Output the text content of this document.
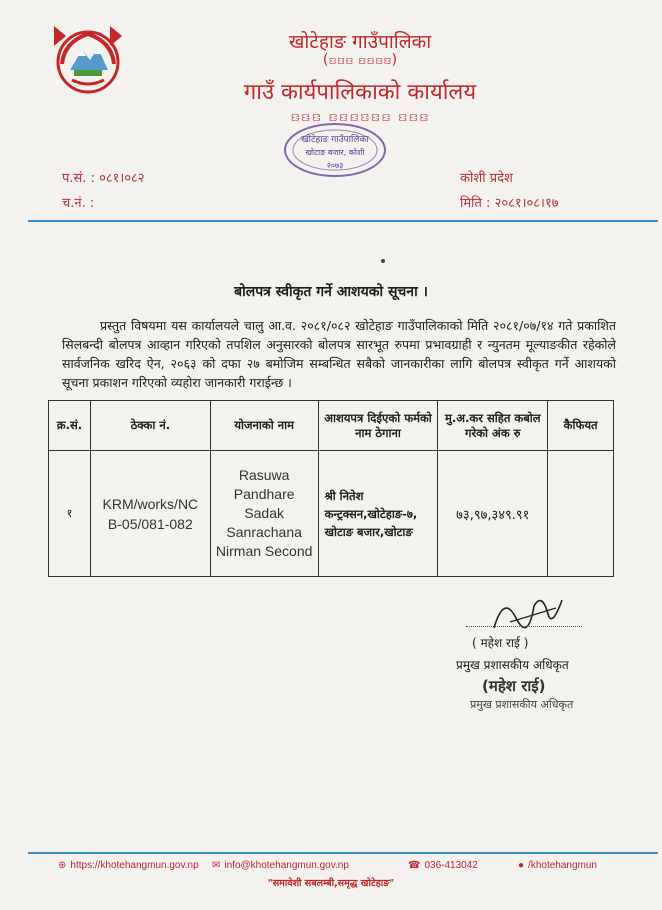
खोटेहाङ गाउँपालिका
(ꤢꤢꤢ ꤢꤢꤢꤢ)
गाउँ कार्यपालिकाको कार्यालय
ꤢꤢꤢ ꤢꤢꤢꤢꤢꤢ ꤢꤢꤢ
खोटेहाङ गाउँपालिका
खोटाङ बजार, कोशी
२०७३
प.सं. : ०८१।०८२
च.नं. :
कोशी प्रदेश
मिति : २०८१।०८।१७
बोलपत्र स्वीकृत गर्ने आशयको सूचना ।
प्रस्तुत विषयमा यस कार्यालयले चालु आ.व. २०८१/०८२ खोटेहाङ गाउँपालिकाको मिति २०८१/०७/१४ गते प्रकाशित सिलबन्दी बोलपत्र आव्हान गरिएको तपशिल अनुसारको बोलपत्र सारभूत रुपमा प्रभावग्राही र न्युनतम मूल्याङकीत रहेकोले सार्वजनिक खरिद ऐन, २०६३ को दफा २७ बमोजिम सम्बन्धित सबैको जानकारीका लागि बोलपत्र स्वीकृत गर्ने आशयको सूचना प्रकाशन गरिएको व्यहोरा जानकारी गराईन्छ ।
क्र.सं.	ठेक्का नं.	योजनाको नाम	आशयपत्र दिईएको फर्मको नाम ठेगाना	मु.अ.कर सहित कबोल गरेको अंक रु	कैफियत
१	KRM/works/NC B-05/081-082	Rasuwa Pandhare Sadak Sanrachana Nirman Second	श्री नितेश कन्ट्रक्सन,खोटेहाङ-७, खोटाङ बजार,खोटाङ	७३,९७,३४९.९१	
( महेश राई )
प्रमुख प्रशासकीय अधिकृत
(महेश राई)
प्रमुख प्रशासकीय अधिकृत
⊕ https://khotehangmun.gov.np ✉ info@khotehangmun.gov.np	☎ 036-413042	● /khotehangmun
"समावेशी सबलम्बी,समृद्ध खोटेहाङ"
